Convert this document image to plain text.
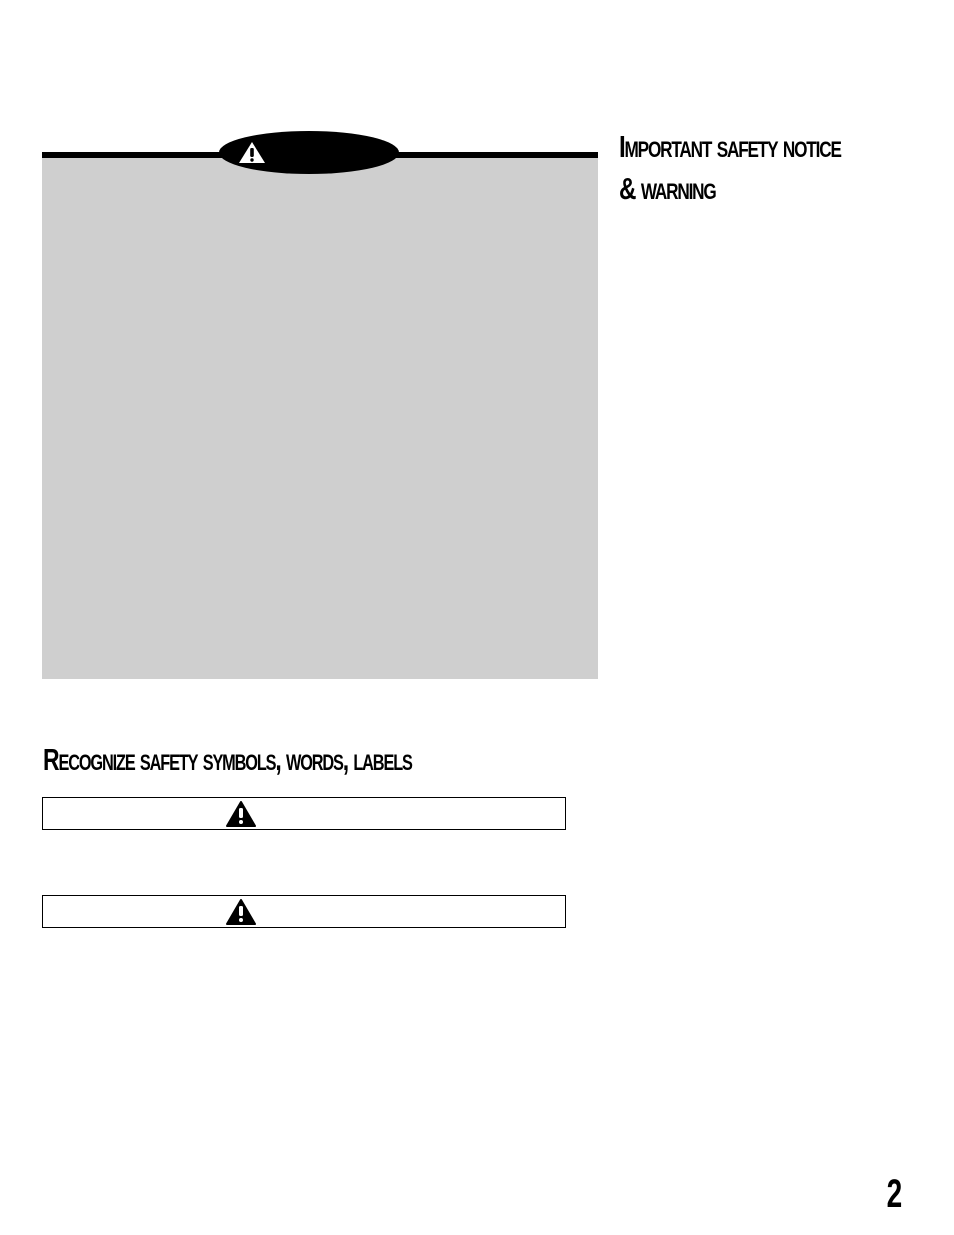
Important safety notice
& warning
Recognize safety symbols, words, labels

2
